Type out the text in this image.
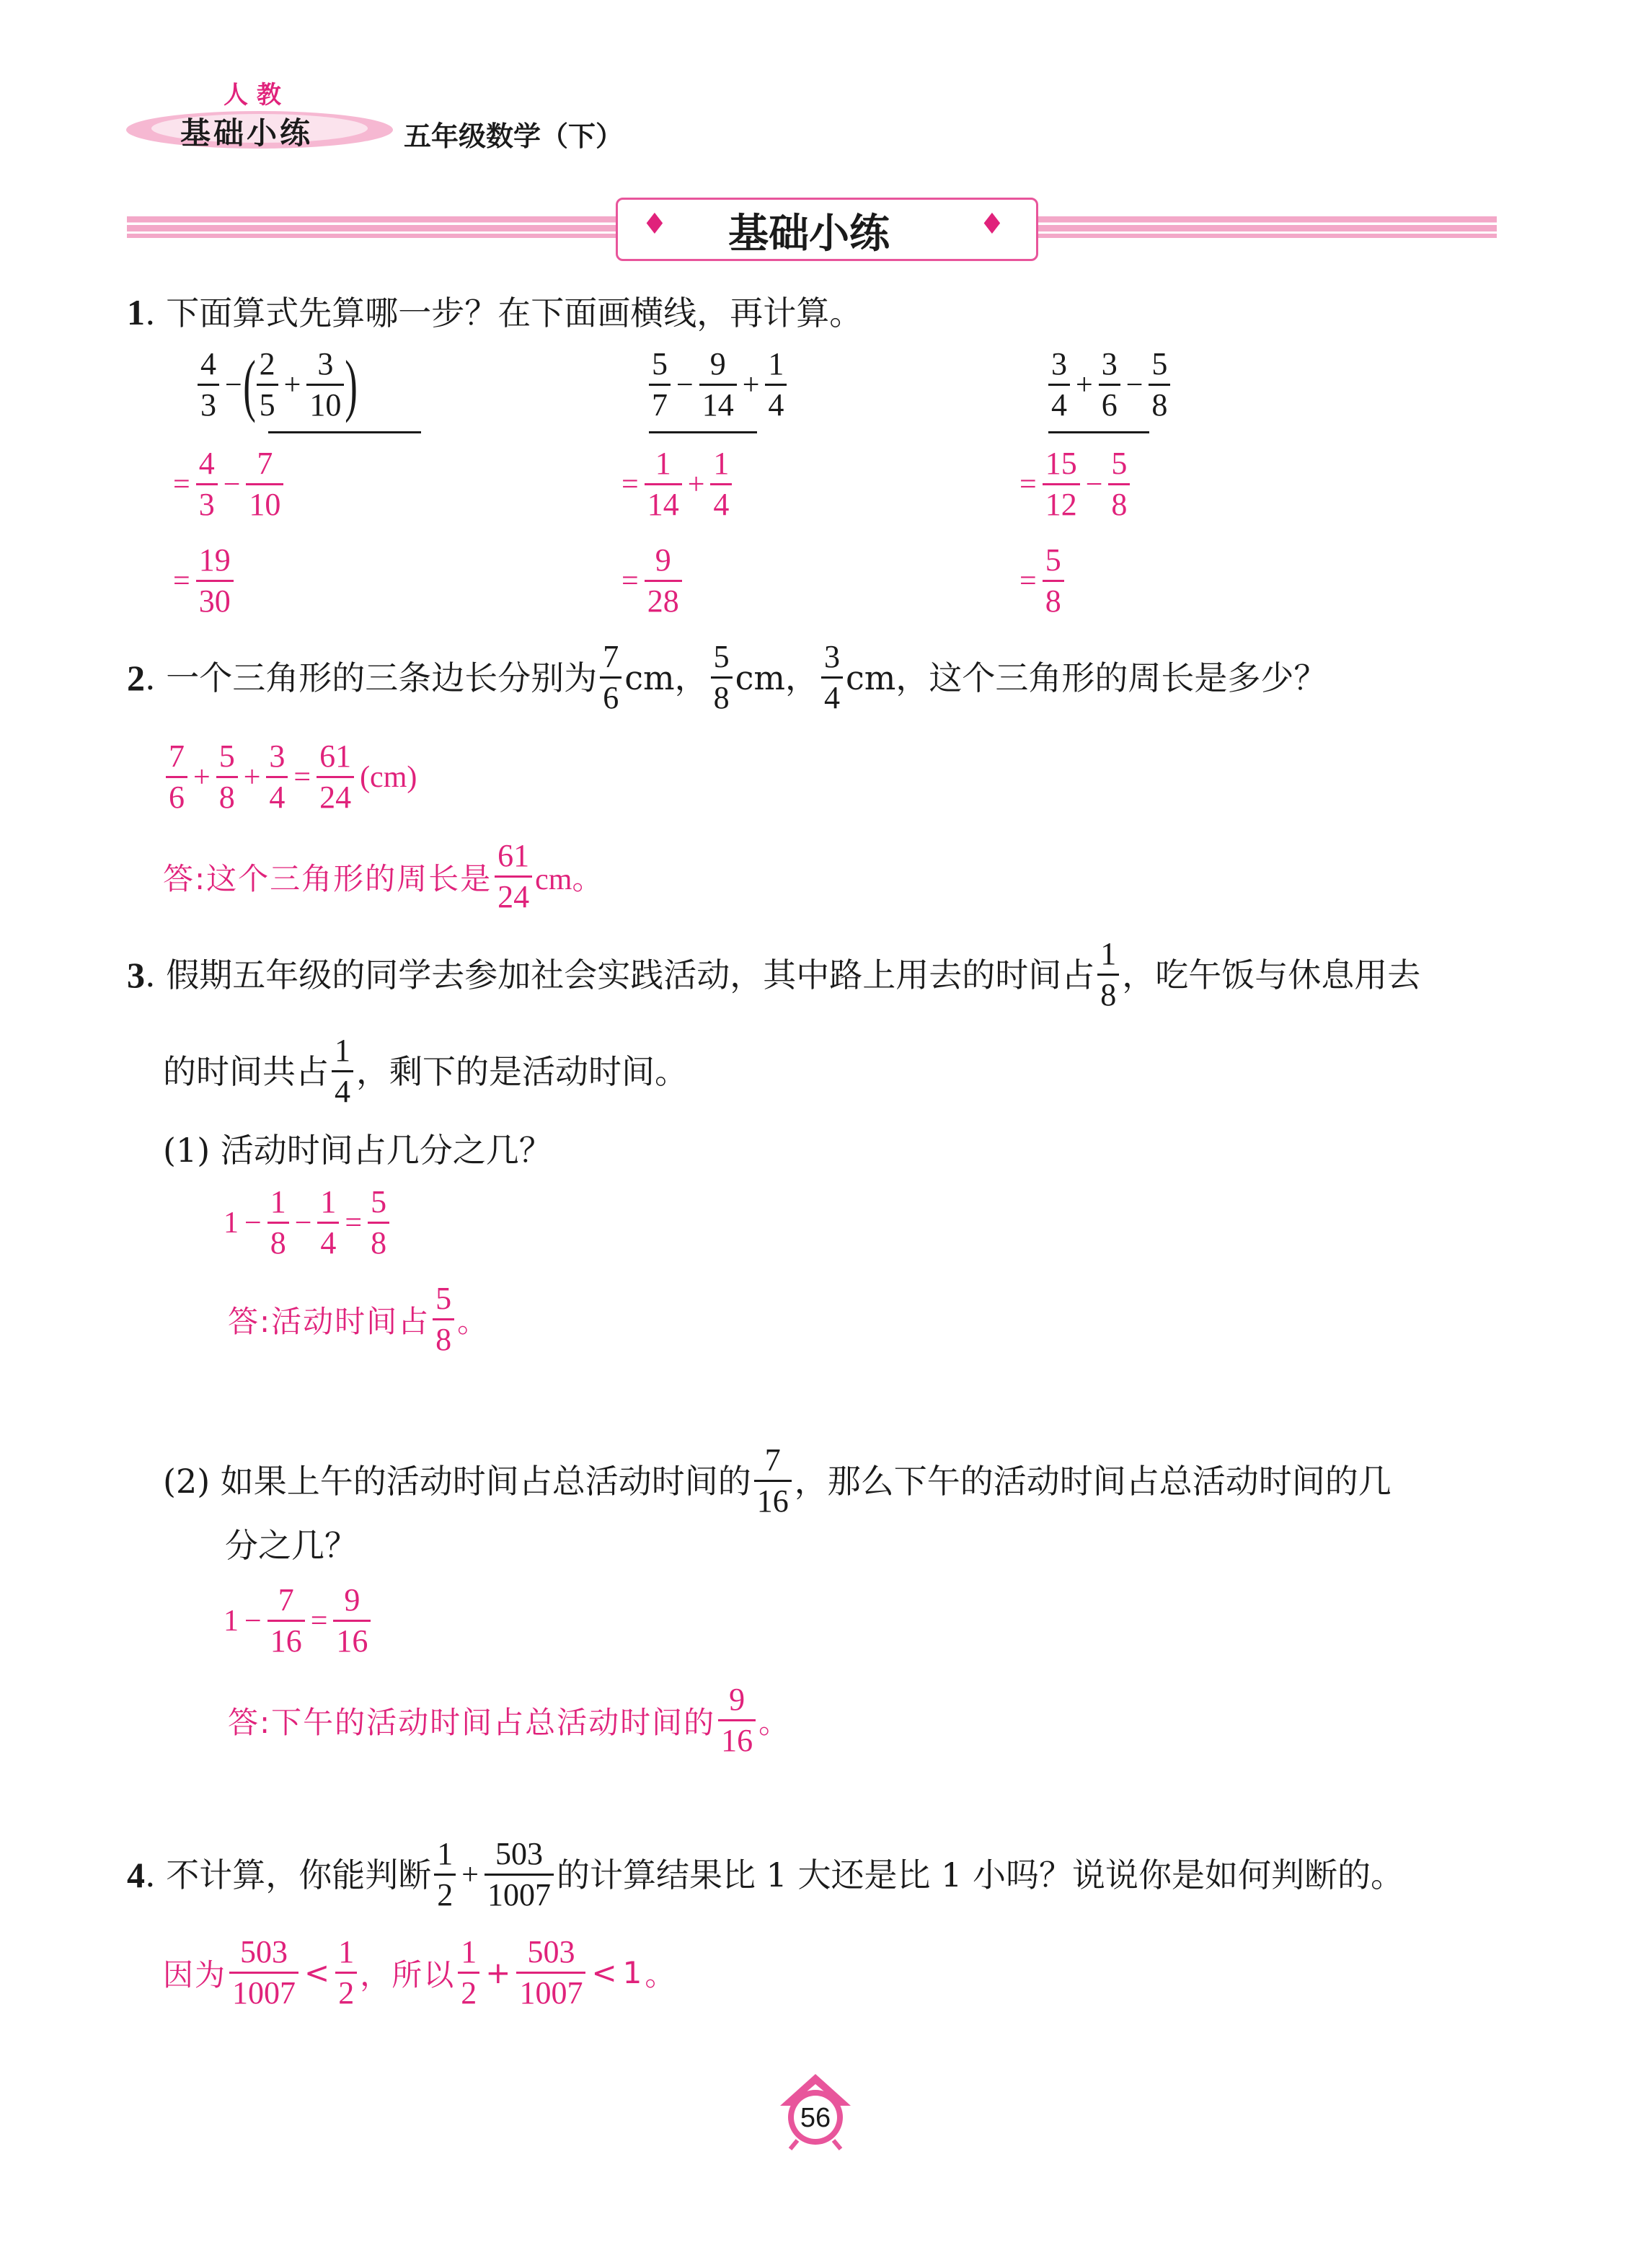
人 教
基础小练	五年级数学（下）
♦	♦
基础小练
1. 下面算式先算哪一步？在下面画横线，再计算。
4
3
− ( 2
5
+
3
10 )
=
4
3
−
7
10
=
19
30
5
7
−
9
14
+
1
4
=
1
14
+
1
4
=
9
28
3
4
+
3
6
−
5
8
=
15
12
−
5
8
=
5
8
2 . 一个三角形的三条边长分别为
7
6
cm，
5
8
cm，
3
4
cm， 这个三角形的周长是多少？
7
6
+
5
8
+
3
4
=
61
24
(cm)
答:这个三角形的周长是
61
24 cm。
3 . 假期五年级的同学去参加社会实践活动，其中路上用去的时间占
1
8
，吃午饭与休息用去
的时间共占
1
4
，剩下的是活动时间。
(1) 活动时间占几分之几？
1 −
1
8
−
1
4
=
5
8
答:活动时间占
5
8
。
(2) 如果上午的活动时间占总活动时间的
7
16
，那么下午的活动时间占总活动时间的几
分之几？
1 −
7
16
=
9
16
答:下午的活动时间占总活动时间的
9
16
。
4 . 不计算，你能判断
1
2
+
503
1007
的计算结果比 1 大还是比 1 小吗？说说你是如何判断的。
因为
503
1007
<
1
2
，所以
1
2
+
503
1007
< 1 。
56
